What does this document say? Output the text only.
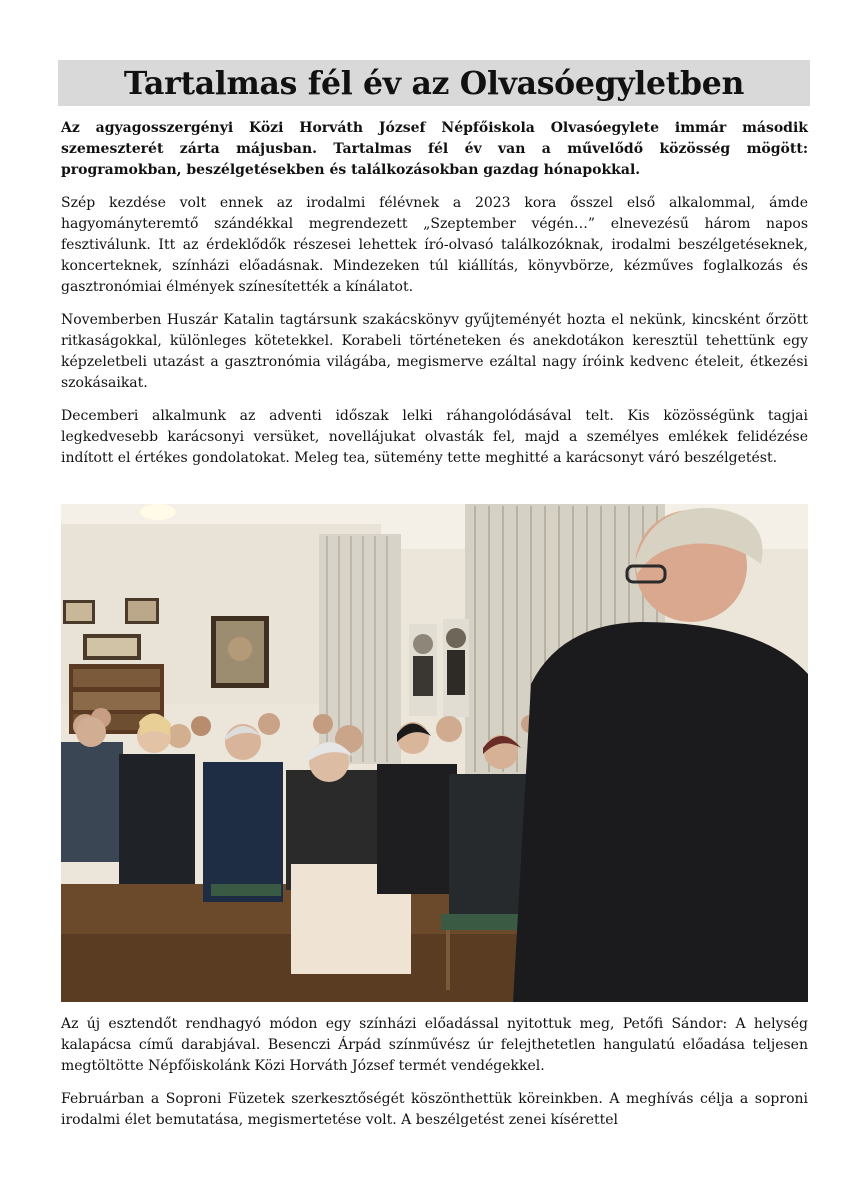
Tartalmas fél év az Olvasóegyletben

Az agyagosszergényi Közi Horváth József Népfőiskola Olvasóegylete immár második szemeszterét zárta májusban. Tartalmas fél év van a művelődő közösség mögött: programokban, beszélgetésekben és találkozásokban gazdag hónapokkal.

Szép kezdése volt ennek az irodalmi félévnek a 2023 kora ősszel első alkalommal, ámde hagyományteremtő szándékkal megrendezett „Szeptember végén…” elnevezésű három napos fesztiválunk. Itt az érdeklődők részesei lehettek író-olvasó találkozóknak, irodalmi beszélgetéseknek, koncerteknek, színházi előadásnak. Mindezeken túl kiállítás, könyvbörze, kézműves foglalkozás és gasztronómiai élmények színesítették a kínálatot.

Novemberben Huszár Katalin tagtársunk szakácskönyv gyűjteményét hozta el nekünk, kincsként őrzött ritkaságokkal, különleges kötetekkel. Korabeli történeteken és anekdotákon keresztül tehettünk egy képzeletbeli utazást a gasztronómia világába, megismerve ezáltal nagy íróink kedvenc ételeit, étkezési szokásaikat.

Decemberi alkalmunk az adventi időszak lelki ráhangolódásával telt. Kis közösségünk tagjai legkedvesebb karácsonyi versüket, novellájukat olvasták fel, majd a személyes emlékek felidézése indított el értékes gondolatokat. Meleg tea, sütemény tette meghitté a karácsonyt váró beszélgetést.

Az új esztendőt rendhagyó módon egy színházi előadással nyitottuk meg, Petőfi Sándor: A helység kalapácsa című darabjával. Besenczi Árpád színművész úr felejthetetlen hangulatú előadása teljesen megtöltötte Népfőiskolánk Közi Horváth József termét vendégekkel.

Februárban a Soproni Füzetek szerkesztőségét köszönthettük köreinkben. A meghívás célja a soproni irodalmi élet bemutatása, megismertetése volt. A beszélgetést zenei kísérettel
